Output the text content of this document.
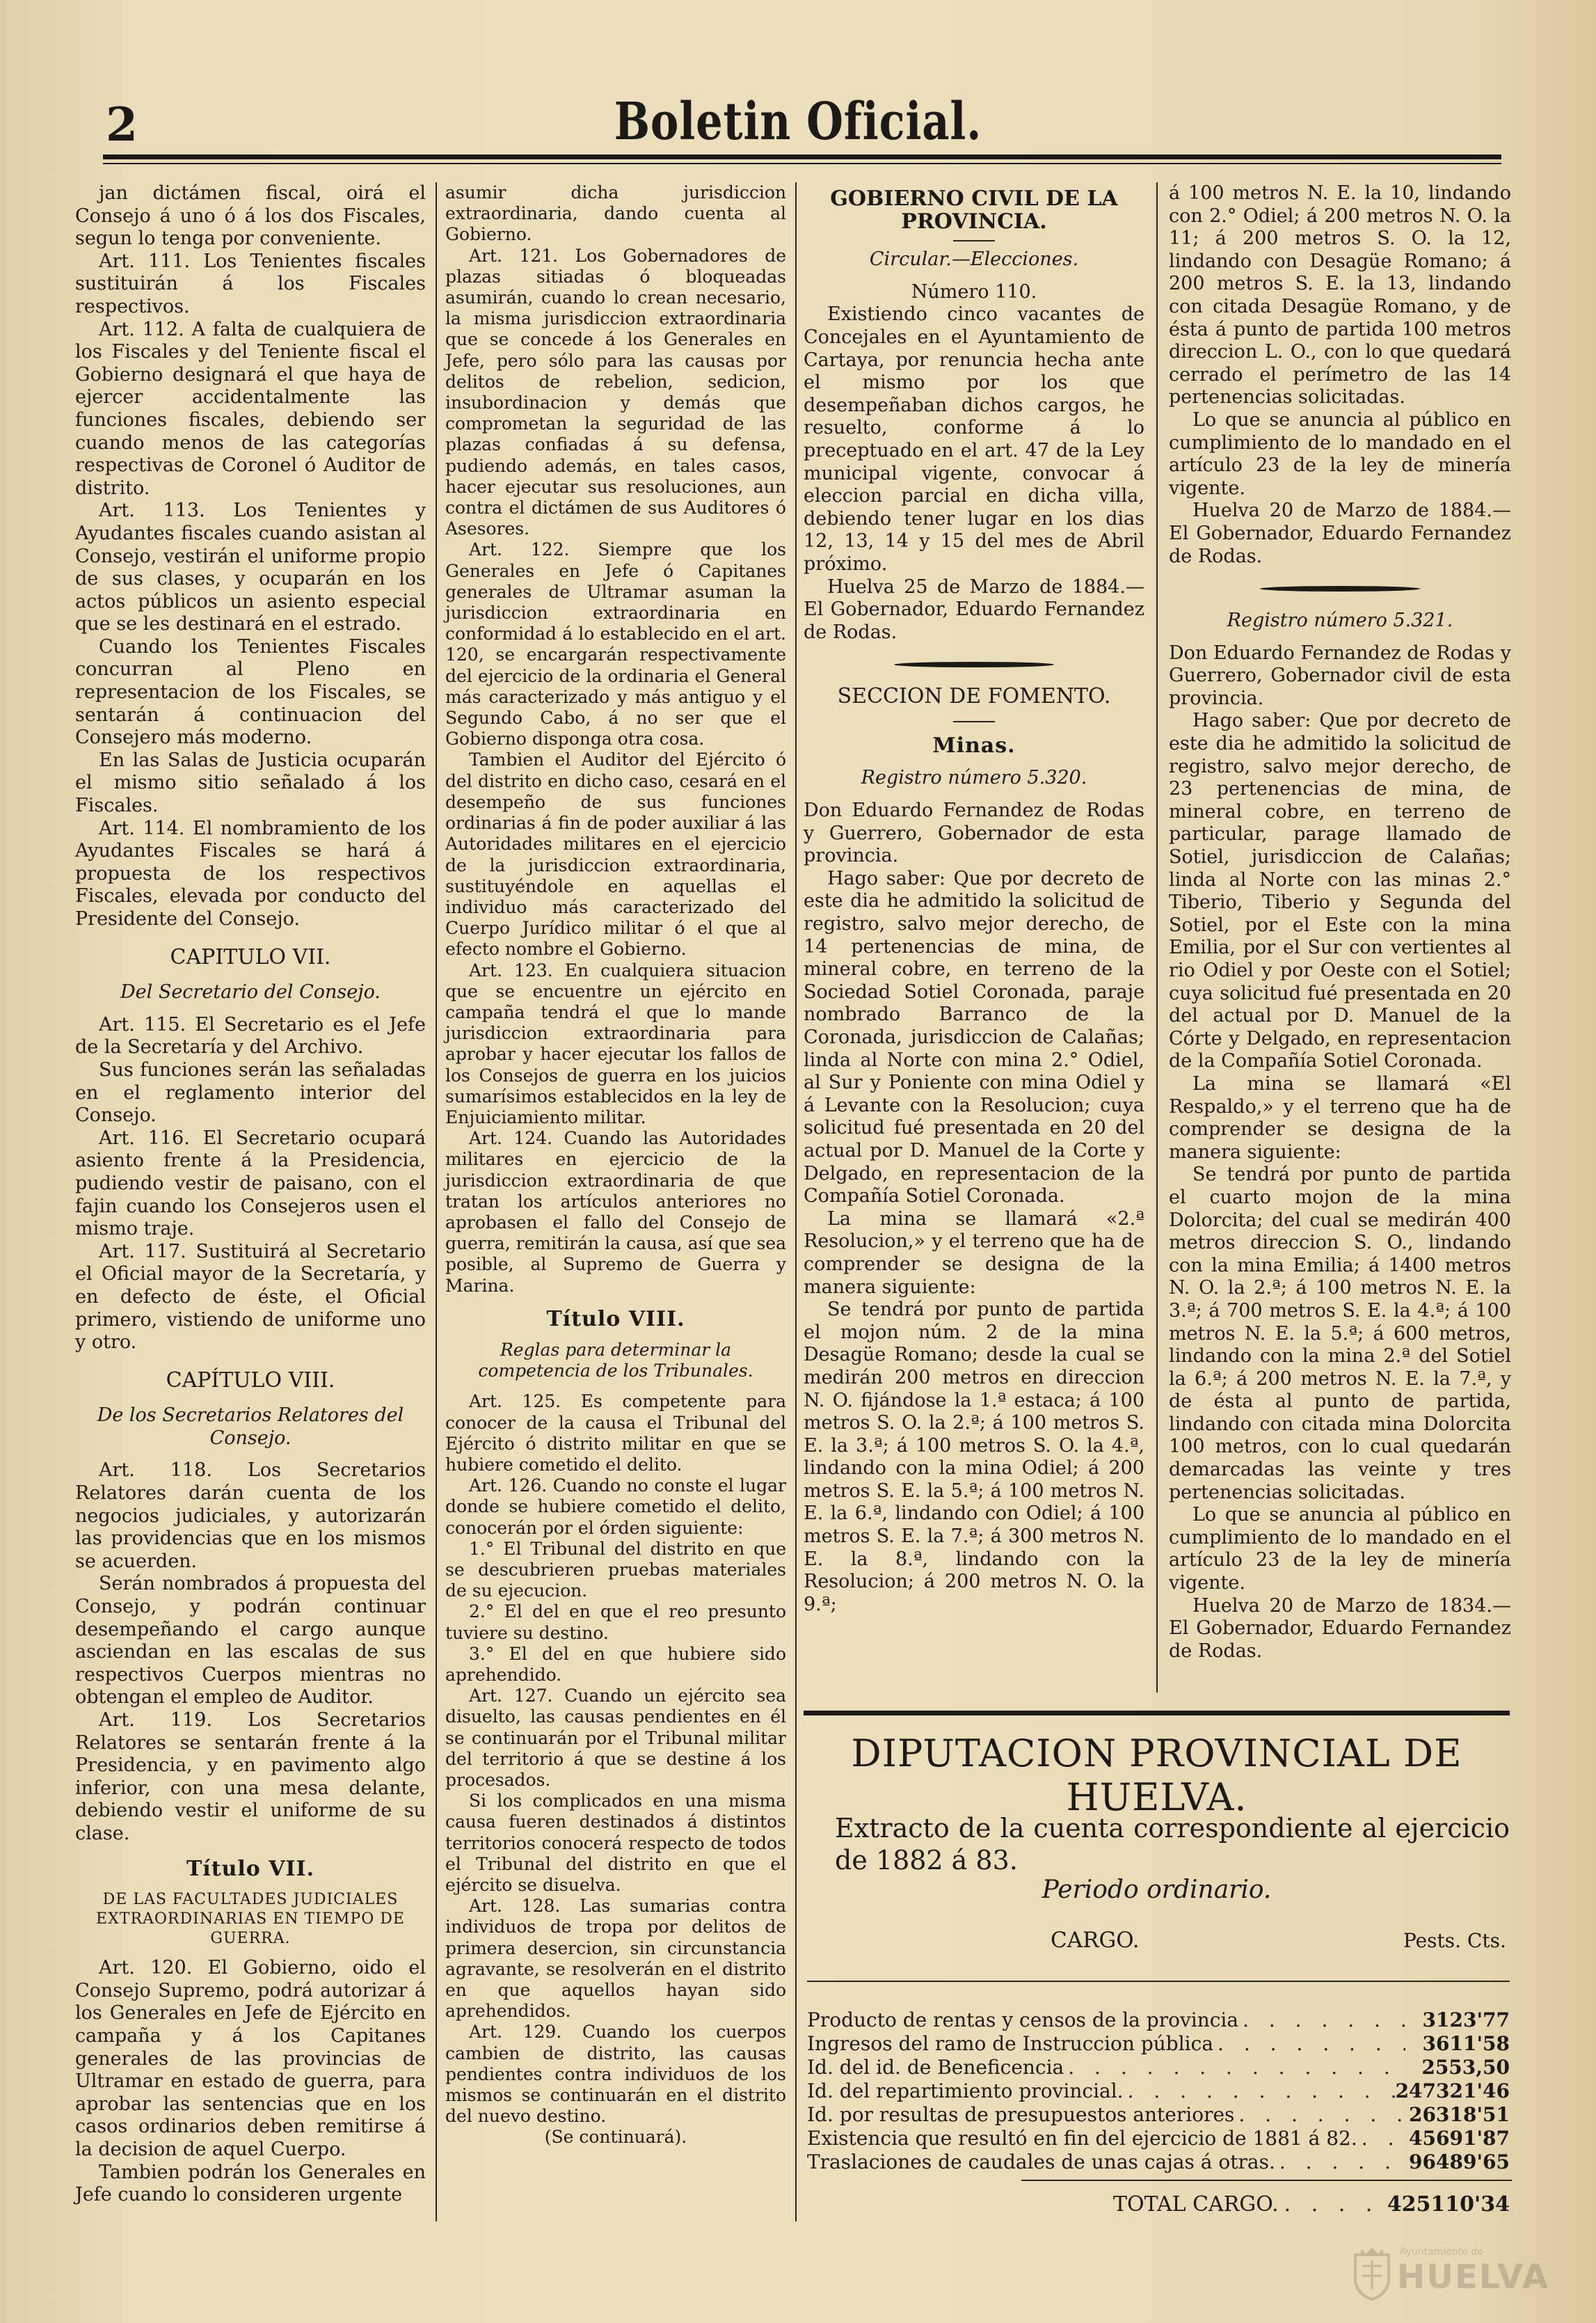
2	Boletin Oficial.

jan dictámen fiscal, oirá el Consejo á uno ó á los dos Fiscales, segun lo tenga por conveniente.

Art. 111. Los Tenientes fiscales sustituirán á los Fiscales respectivos.

Art. 112. A falta de cualquiera de los Fiscales y del Teniente fiscal el Gobierno designará el que haya de ejercer accidentalmente las funciones fiscales, debiendo ser cuando menos de las categorías respectivas de Coronel ó Auditor de distrito.

Art. 113. Los Tenientes y Ayudantes fiscales cuando asistan al Consejo, vestirán el uniforme propio de sus clases, y ocuparán en los actos públicos un asiento especial que se les destinará en el estrado.

Cuando los Tenientes Fiscales concurran al Pleno en representacion de los Fiscales, se sentarán á continuacion del Consejero más moderno.

En las Salas de Justicia ocuparán el mismo sitio señalado á los Fiscales.

Art. 114. El nombramiento de los Ayudantes Fiscales se hará á propuesta de los respectivos Fiscales, elevada por conducto del Presidente del Consejo.

CAPITULO VII.

Del Secretario del Consejo.

Art. 115. El Secretario es el Jefe de la Secretaría y del Archivo.

Sus funciones serán las señaladas en el reglamento interior del Consejo.

Art. 116. El Secretario ocupará asiento frente á la Presidencia, pudiendo vestir de paisano, con el fajin cuando los Consejeros usen el mismo traje.

Art. 117. Sustituirá al Secretario el Oficial mayor de la Secretaría, y en defecto de éste, el Oficial primero, vistiendo de uniforme uno y otro.

CAPÍTULO VIII.

De los Secretarios Relatores del Consejo.

Art. 118. Los Secretarios Relatores darán cuenta de los negocios judiciales, y autorizarán las providencias que en los mismos se acuerden.

Serán nombrados á propuesta del Consejo, y podrán continuar desempeñando el cargo aunque asciendan en las escalas de sus respectivos Cuerpos mientras no obtengan el empleo de Auditor.

Art. 119. Los Secretarios Relatores se sentarán frente á la Presidencia, y en pavimento algo inferior, con una mesa delante, debiendo vestir el uniforme de su clase.

Título VII.

DE LAS FACULTADES JUDICIALES EXTRAORDINARIAS EN TIEMPO DE GUERRA.

Art. 120. El Gobierno, oido el Consejo Supremo, podrá autorizar á los Generales en Jefe de Ejército en campaña y á los Capitanes generales de las provincias de Ultramar en estado de guerra, para aprobar las sentencias que en los casos ordinarios deben remitirse á la decision de aquel Cuerpo.

Tambien podrán los Generales en Jefe cuando lo consideren urgente

asumir dicha jurisdiccion extraordinaria, dando cuenta al Gobierno.

Art. 121. Los Gobernadores de plazas sitiadas ó bloqueadas asumirán, cuando lo crean necesario, la misma jurisdiccion extraordinaria que se concede á los Generales en Jefe, pero sólo para las causas por delitos de rebelion, sedicion, insubordinacion y demás que comprometan la seguridad de las plazas confiadas á su defensa, pudiendo además, en tales casos, hacer ejecutar sus resoluciones, aun contra el dictámen de sus Auditores ó Asesores.

Art. 122. Siempre que los Generales en Jefe ó Capitanes generales de Ultramar asuman la jurisdiccion extraordinaria en conformidad á lo establecido en el art. 120, se encargarán respectivamente del ejercicio de la ordinaria el General más caracterizado y más antiguo y el Segundo Cabo, á no ser que el Gobierno disponga otra cosa.

Tambien el Auditor del Ejército ó del distrito en dicho caso, cesará en el desempeño de sus funciones ordinarias á fin de poder auxiliar á las Autoridades militares en el ejercicio de la jurisdiccion extraordinaria, sustituyéndole en aquellas el individuo más caracterizado del Cuerpo Jurídico militar ó el que al efecto nombre el Gobierno.

Art. 123. En cualquiera situacion que se encuentre un ejército en campaña tendrá el que lo mande jurisdiccion extraordinaria para aprobar y hacer ejecutar los fallos de los Consejos de guerra en los juicios sumarísimos establecidos en la ley de Enjuiciamiento militar.

Art. 124. Cuando las Autoridades militares en ejercicio de la jurisdiccion extraordinaria de que tratan los artículos anteriores no aprobasen el fallo del Consejo de guerra, remitirán la causa, así que sea posible, al Supremo de Guerra y Marina.

Título VIII.

Reglas para determinar la competencia de los Tribunales.

Art. 125. Es competente para conocer de la causa el Tribunal del Ejército ó distrito militar en que se hubiere cometido el delito.

Art. 126. Cuando no conste el lugar donde se hubiere cometido el delito, conocerán por el órden siguiente:

1.° El Tribunal del distrito en que se descubrieren pruebas materiales de su ejecucion.

2.° El del en que el reo presunto tuviere su destino.

3.° El del en que hubiere sido aprehendido.

Art. 127. Cuando un ejército sea disuelto, las causas pendientes en él se continuarán por el Tribunal militar del territorio á que se destine á los procesados.

Si los complicados en una misma causa fueren destinados á distintos territorios conocerá respecto de todos el Tribunal del distrito en que el ejército se disuelva.

Art. 128. Las sumarias contra individuos de tropa por delitos de primera desercion, sin circunstancia agravante, se resolverán en el distrito en que aquellos hayan sido aprehendidos.

Art. 129. Cuando los cuerpos cambien de distrito, las causas pendientes contra individuos de los mismos se continuarán en el distrito del nuevo destino.

(Se continuará).

GOBIERNO CIVIL DE LA PROVINCIA.

Circular.—Elecciones.

Número 110.

Existiendo cinco vacantes de Concejales en el Ayuntamiento de Cartaya, por renuncia hecha ante el mismo por los que desempeñaban dichos cargos, he resuelto, conforme á lo preceptuado en el art. 47 de la Ley municipal vigente, convocar á eleccion parcial en dicha villa, debiendo tener lugar en los dias 12, 13, 14 y 15 del mes de Abril próximo.

Huelva 25 de Marzo de 1884.—El Gobernador, Eduardo Fernandez de Rodas.

SECCION DE FOMENTO.

Minas.

Registro número 5.320.

Don Eduardo Fernandez de Rodas y Guerrero, Gobernador de esta provincia.

Hago saber: Que por decreto de este dia he admitido la solicitud de registro, salvo mejor derecho, de 14 pertenencias de mina, de mineral cobre, en terreno de la Sociedad Sotiel Coronada, paraje nombrado Barranco de la Coronada, jurisdiccion de Calañas; linda al Norte con mina 2.° Odiel, al Sur y Poniente con mina Odiel y á Levante con la Resolucion; cuya solicitud fué presentada en 20 del actual por D. Manuel de la Corte y Delgado, en representacion de la Compañía Sotiel Coronada.

La mina se llamará «2.ª Resolucion,» y el terreno que ha de comprender se designa de la manera siguiente:

Se tendrá por punto de partida el mojon núm. 2 de la mina Desagüe Romano; desde la cual se medirán 200 metros en direccion N. O. fijándose la 1.ª estaca; á 100 metros S. O. la 2.ª; á 100 metros S. E. la 3.ª; á 100 metros S. O. la 4.ª, lindando con la mina Odiel; á 200 metros S. E. la 5.ª; á 100 metros N. E. la 6.ª, lindando con Odiel; á 100 metros S. E. la 7.ª; á 300 metros N. E. la 8.ª, lindando con la Resolucion; á 200 metros N. O. la 9.ª;

á 100 metros N. E. la 10, lindando con 2.° Odiel; á 200 metros N. O. la 11; á 200 metros S. O. la 12, lindando con Desagüe Romano; á 200 metros S. E. la 13, lindando con citada Desagüe Romano, y de ésta á punto de partida 100 metros direccion L. O., con lo que quedará cerrado el perímetro de las 14 pertenencias solicitadas.

Lo que se anuncia al público en cumplimiento de lo mandado en el artículo 23 de la ley de minería vigente.

Huelva 20 de Marzo de 1884.—El Gobernador, Eduardo Fernandez de Rodas.

Registro número 5.321.

Don Eduardo Fernandez de Rodas y Guerrero, Gobernador civil de esta provincia.

Hago saber: Que por decreto de este dia he admitido la solicitud de registro, salvo mejor derecho, de 23 pertenencias de mina, de mineral cobre, en terreno de particular, parage llamado de Sotiel, jurisdiccion de Calañas; linda al Norte con las minas 2.° Tiberio, Tiberio y Segunda del Sotiel, por el Este con la mina Emilia, por el Sur con vertientes al rio Odiel y por Oeste con el Sotiel; cuya solicitud fué presentada en 20 del actual por D. Manuel de la Córte y Delgado, en representacion de la Compañía Sotiel Coronada.

La mina se llamará «El Respaldo,» y el terreno que ha de comprender se designa de la manera siguiente:

Se tendrá por punto de partida el cuarto mojon de la mina Dolorcita; del cual se medirán 400 metros direccion S. O., lindando con la mina Emilia; á 1400 metros N. O. la 2.ª; á 100 metros N. E. la 3.ª; á 700 metros S. E. la 4.ª; á 100 metros N. E. la 5.ª; á 600 metros, lindando con la mina 2.ª del Sotiel la 6.ª; á 200 metros N. E. la 7.ª, y de ésta al punto de partida, lindando con citada mina Dolorcita 100 metros, con lo cual quedarán demarcadas las veinte y tres pertenencias solicitadas.

Lo que se anuncia al público en cumplimiento de lo mandado en el artículo 23 de la ley de minería vigente.

Huelva 20 de Marzo de 1834.—El Gobernador, Eduardo Fernandez de Rodas.

DIPUTACION PROVINCIAL DE HUELVA.
Extracto de la cuenta correspondiente al ejercicio de 1882 á 83.
Periodo ordinario.
CARGO.	Pests. Cts.
Producto de rentas y censos de la provincia . . .	3123'77
Ingresos del ramo de Instruccion pública . . .	3611'58
Id. del id. de Beneficencia . . .	2553,50
Id. del repartimiento provincial. . . .	247321'46
Id. por resultas de presupuestos anteriores . . .	26318'51
Existencia que resultó en fin del ejercicio de 1881 á 82. . . .	45691'87
Traslaciones de caudales de unas cajas á otras. . . .	96489'65
TOTAL CARGO. . . .	425110'34
Ayuntamiento de
HUELVA
